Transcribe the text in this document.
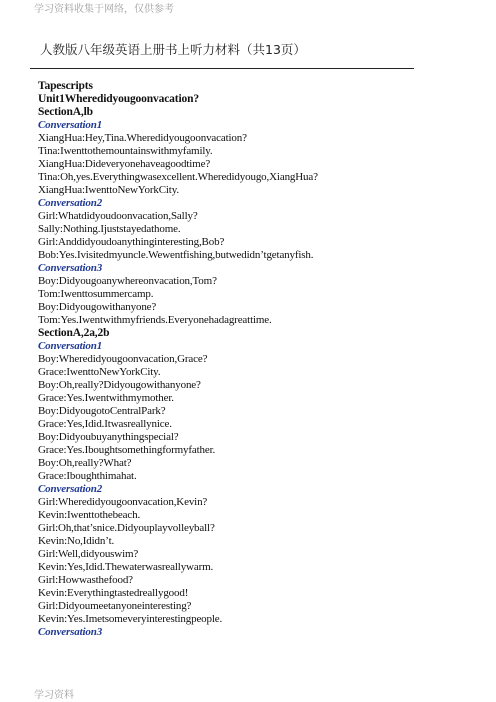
学习资料收集于网络，仅供参考
人教版八年级英语上册书上听力材料（共13页）
Tapescripts
Unit1Wheredidyougoonvacation?
SectionA,lb
Conversation1
XiangHua:Hey,Tina.Wheredidyougoonvacation?
Tina:Iwenttothemountainswithmyfamily.
XiangHua:Dideveryonehaveagoodtime?
Tina:Oh,yes.Everythingwasexcellent.Wheredidyougo,XiangHua?
XiangHua:IwenttoNewYorkCity.
Conversation2
Girl:Whatdidyoudoonvacation,Sally?
Sally:Nothing.Ijuststayedathome.
Girl:Anddidyoudoanythinginteresting,Bob?
Bob:Yes.Ivisitedmyuncle.Wewentfishing,butwedidn’tgetanyfish.
Conversation3
Boy:Didyougoanywhereonvacation,Tom?
Tom:Iwenttosummercamp.
Boy:Didyougowithanyone?
Tom:Yes.Iwentwithmyfriends.Everyonehadagreattime.
SectionA,2a,2b
Conversation1
Boy:Wheredidyougoonvacation,Grace?
Grace:IwenttoNewYorkCity.
Boy:Oh,really?Didyougowithanyone?
Grace:Yes.Iwentwithmymother.
Boy:DidyougotoCentralPark?
Grace:Yes,Idid.Itwasreallynice.
Boy:Didyoubuyanythingspecial?
Grace:Yes.Iboughtsomethingformyfather.
Boy:Oh,really?What?
Grace:Iboughthimahat.
Conversation2
Girl:Wheredidyougoonvacation,Kevin?
Kevin:Iwenttothebeach.
Girl:Oh,that’snice.Didyouplayvolleyball?
Kevin:No,Ididn’t.
Girl:Well,didyouswim?
Kevin:Yes,Idid.Thewaterwasreallywarm.
Girl:Howwasthefood?
Kevin:Everythingtastedreallygood!
Girl:Didyoumeetanyoneinteresting?
Kevin:Yes.Imetsomeveryinterestingpeople.
Conversation3
学习资料
